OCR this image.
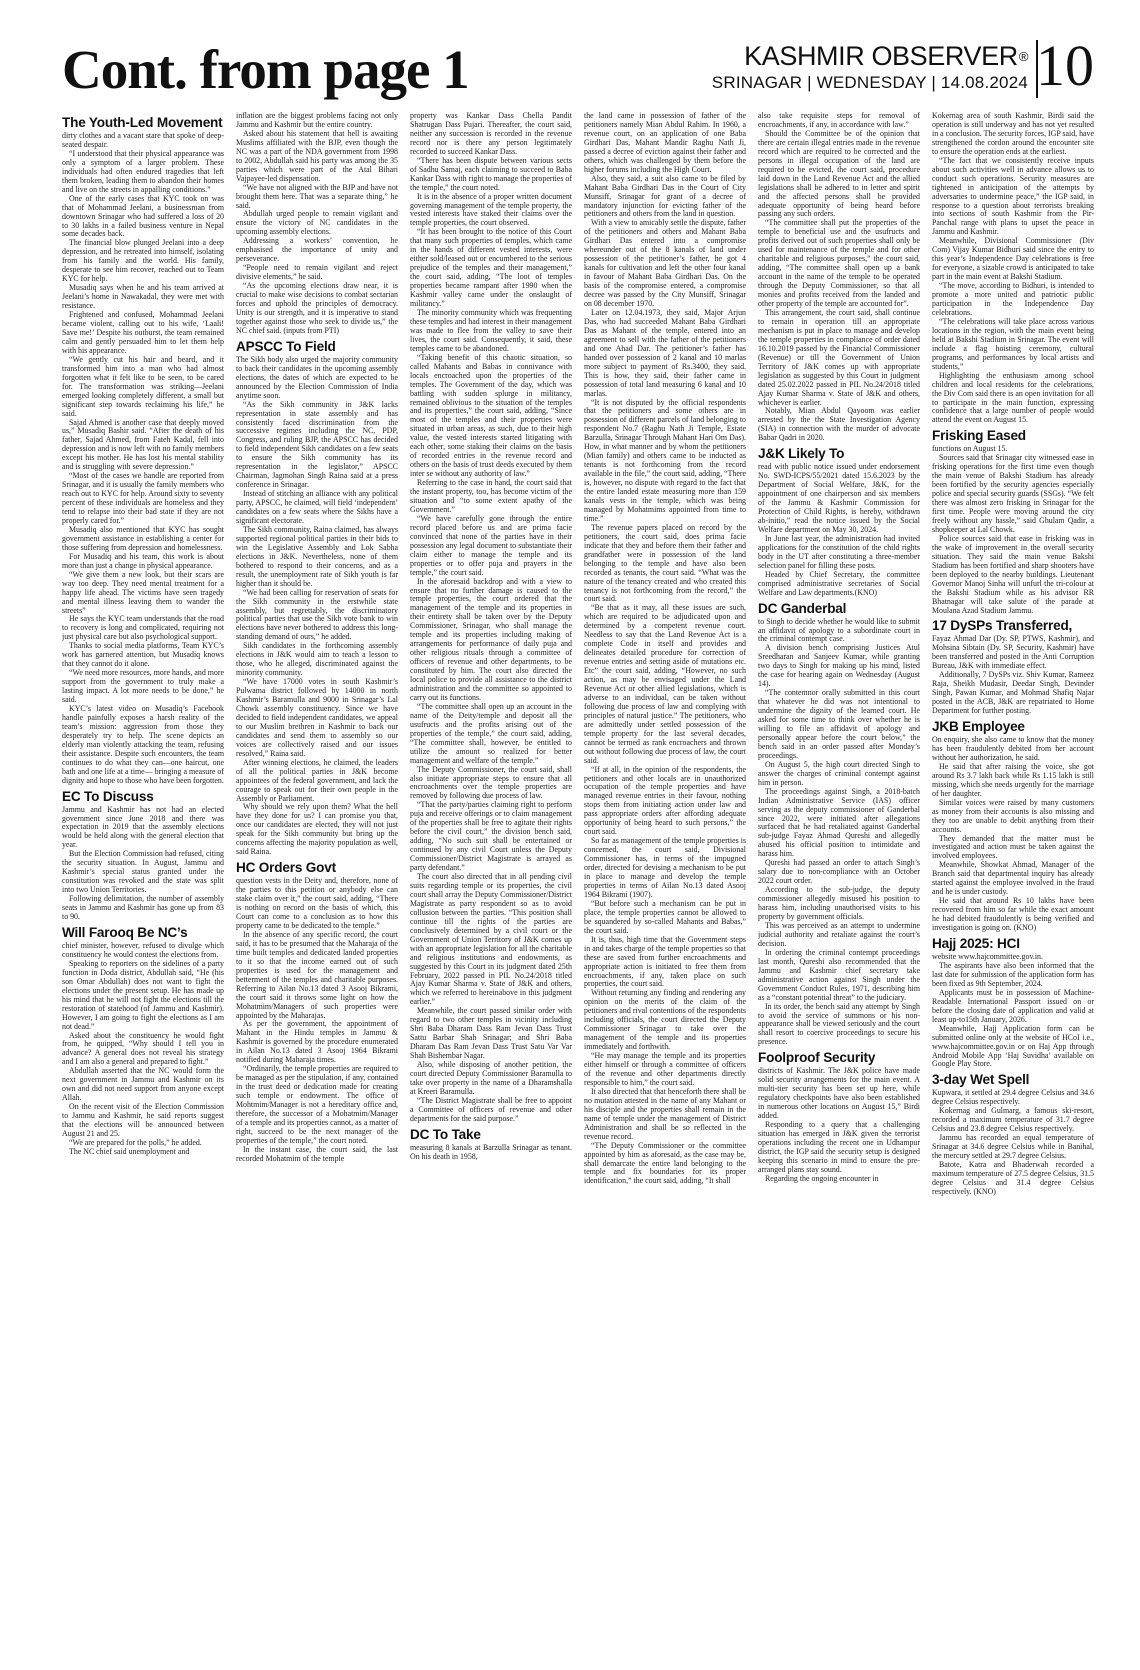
Cont. from page 1	KASHMIR OBSERVER®
SRINAGAR | WEDNESDAY | 14.08.2024 10
The Youth-Led Movement

dirty clothes and a vacant stare that spoke of deep-seated despair.

“I understood that their physical appearance was only a symptom of a larger problem. These individuals had often endured tragedies that left them broken, leading them to abandon their homes and live on the streets in appalling conditions.”

One of the early cases that KYC took on was that of Mohammad Jeelani, a businessman from downtown Srinagar who had suffered a loss of 20 to 30 lakhs in a failed business venture in Nepal some decades back.

The financial blow plunged Jeelani into a deep depression, and he retreated into himself, isolating from his family and the world. His family, desperate to see him recover, reached out to Team KYC for help.

Musadiq says when he and his team arrived at Jeelani’s home in Nawakadal, they were met with resistance.

Frightened and confused, Mohammad Jeelani became violent, calling out to his wife, ‘Laali! Save me!’ Despite his outburst, the team remained calm and gently persuaded him to let them help with his appearance.

“We gently cut his hair and beard, and it transformed him into a man who had almost forgotten what it felt like to be seen, to be cared for. The transformation was striking—Jeelani emerged looking completely different, a small but significant step towards reclaiming his life,” he said.

Sajad Ahmed is another case that deeply moved us,” Musadiq Bashir said. “After the death of his father, Sajad Ahmed, from Fateh Kadal, fell into depression and is now left with no family members except his mother. He has lost his mental stability and is struggling with severe depression.”

“Most of the cases we handle are reported from Srinagar, and it is usually the family members who reach out to KYC for help. Around sixty to seventy percent of these individuals are homeless and they tend to relapse into their bad state if they are not properly cared for.”

Musadiq also mentioned that KYC has sought government assistance in establishing a center for those suffering from depression and homelessness.

For Musadiq and his team, this work is about more than just a change in physical appearance.

“We give them a new look, but their scars are way too deep. They need mental treatment for a happy life ahead. The victims have seen tragedy and mental illness leaving them to wander the streets”

He says the KYC team understands that the road to recovery is long and complicated, requiring not just physical care but also psychological support.

Thanks to social media platforms, Team KYC’s work has garnered attention, but Musadiq knows that they cannot do it alone.

“We need more resources, more hands, and more support from the government to truly make a lasting impact. A lot more needs to be done,” he said.

KYC’s latest video on Musadiq’s Facebook handle painfully exposes a harsh reality of the team’s mission: aggression from those they desperately try to help. The scene depicts an elderly man violently attacking the team, refusing their assistance. Despite such encounters, the team continues to do what they can—one haircut, one bath and one life at a time— bringing a measure of dignity and hope to those who have been forgotten.

EC To Discuss

Jammu and Kashmir has not had an elected government since June 2018 and there was expectation in 2019 that the assembly elections would be held along with the general election that year.

But the Election Commission had refused, citing the security situation. In August, Jammu and Kashmir’s special status granted under the constitution was revoked and the state was split into two Union Territories.

Following delimitation, the number of assembly seats in Jammu and Kashmir has gone up from 83 to 90.

Will Farooq Be NC’s

chief minister, however, refused to divulge which constituency he would contest the elections from.

Speaking to reporters on the sidelines of a party function in Doda district, Abdullah said, “He (his son Omar Abdullah) does not want to fight the elections under the present setup. He has made up his mind that he will not fight the elections till the restoration of statehood (of Jammu and Kashmir). However, I am going to fight the elections as I am not dead.”

Asked about the constituency he would fight from, he quipped, “Why should I tell you in advance? A general does not reveal his strategy and I am also a general and prepared to fight.”

Abdullah asserted that the NC would form the next government in Jammu and Kashmir on its own and did not need support from anyone except Allah.

On the recent visit of the Election Commission to Jammu and Kashmir, he said reports suggest that the elections will be announced between August 21 and 25.

“We are prepared for the polls,” he added.

The NC chief said unemployment and

inflation are the biggest problems facing not only Jammu and Kashmir but the entire country.

Asked about his statement that hell is awaiting Muslims affiliated with the BJP, even though the NC was a part of the NDA government from 1998 to 2002, Abdullah said his party was among the 35 parties which were part of the Atal Bihari Vajpayee-led dispensation.

“We have not aligned with the BJP and have not brought them here. That was a separate thing,” he said.

Abdullah urged people to remain vigilant and ensure the victory of NC candidates in the upcoming assembly elections.

Addressing a workers’ convention, he emphasised the importance of unity and perseverance.

“People need to remain vigilant and reject divisive elements,” he said.

“As the upcoming elections draw near, it is crucial to make wise decisions to combat sectarian forces and uphold the principles of democracy. Unity is our strength, and it is imperative to stand together against those who seek to divide us,” the NC chief said. (inputs from PTI)

APSCC To Field

The Sikh body also urged the majority community to back their candidates in the upcoming assembly elections, the dates of which are expected to be announced by the Election Commission of India anytime soon.

“As the Sikh community in J&K lacks representation in state assembly and has consistently faced discrimination from the successive regimes including the NC, PDP, Congress, and ruling BJP, the APSCC has decided to field independent Sikh candidates on a few seats to ensure the Sikh community has its representation in the legislator,” APSCC Chairman, Jagmohan Singh Raina said at a press conference in Srinagar.

Instead of stitching an alliance with any political party, APSCC, he claimed, will field ‘independent’ candidates on a few seats where the Sikhs have a significant electorate.

The Sikh community, Raina claimed, has always supported regional political parties in their bids to win the Legislative Assembly and Lok Sabha elections in J&K. Nevertheless, none of them bothered to respond to their concerns, and as a result, the unemployment rate of Sikh youth is far higher than it should be.

“We had been calling for reservation of seats for the Sikh community in the erstwhile state assembly, but regrettably, the discriminatory political parties that use the Sikh vote bank to win elections have never bothered to address this long-standing demand of ours,” he added.

Sikh candidates in the forthcoming assembly elections in J&K would aim to teach a lesson to those, who he alleged, discriminated against the minority community.

“We have 17000 votes in south Kashmir’s Pulwama district followed by 14000 in north Kashmir’s Baramulla and 9000 in Srinagar’s Lal Chowk assembly constituency. Since we have decided to field independent candidates, we appeal to our Muslim brethren in Kashmir to back our candidates and send them to assembly so our voices are collectively raised and our issues resolved,” Raina said.

After winning elections, he claimed, the leaders of all the political parties in J&K become appointees of the federal government, and lack the courage to speak out for their own people in the Assembly or Parliament.

Why should we rely upon them? What the hell have they done for us? I can promise you that, once our candidates are elected, they will not just speak for the Sikh community but bring up the concerns affecting the majority population as well, said Raina.

HC Orders Govt

question vests in the Deity and, therefore, none of the parties to this petition or anybody else can stake claim over it,” the court said, adding, “There is nothing on record on the basis of which, this Court can come to a conclusion as to how this property came to be dedicated to the temple.”

In the absence of any specific record, the court said, it has to be presumed that the Maharaja of the time built temples and dedicated landed properties to it so that the income earned out of such properties is used for the management and betterment of the temples and charitable purposes. Referring to Ailan No.13 dated 3 Asooj Bikrami, the court said it throws some light on how the Mohatmim/Managers of such properties were appointed by the Maharajas.

As per the government, the appointment of Mahant in the Hindu temples in Jammu & Kashmir is governed by the procedure enumerated in Ailan No.13 dated 3 Asooj 1964 Bikrami notified during Maharaja times.

“Ordinarily, the temple properties are required to be managed as per the stipulation, if any, contained in the trust deed or dedication made for creating such temple or endowment. The office of Mohtmim/Manager is not a hereditary office and, therefore, the successor of a Mohatmim/Manager of a temple and its properties cannot, as a matter of right, succeed to be the next manager of the properties of the temple,” the court noted.

In the instant case, the court said, the last recorded Mohatmim of the temple

property was Kankar Dass Chella Pandit Shatrugan Dass Pujari. Thereafter, the court said, neither any succession is recorded in the revenue record nor is there any person legitimately recorded to succeed Kankar Dass.

“There has been dispute between various sects of Sadhu Samaj, each claiming to succeed to Baba Kankar Dass with right to manage the properties of the temple,” the court noted.

It is in the absence of a proper written document governing management of the temple property, the vested interests have staked their claims over the temple properties, the court observed.

“It has been brought to the notice of this Court that many such properties of temples, which came in the hands of different vested interests, were either sold/leased out or encumbered to the serious prejudice of the temples and their management,” the court said, adding, “The loot of temples properties became rampant after 1990 when the Kashmir valley came under the onslaught of militancy.”

The minority community which was frequenting these temples and had interest in their management was made to flee from the valley to save their lives, the court said. Consequently, it said, these temples came to be abandoned.

“Taking benefit of this chaotic situation, so called Mahants and Babas in connivance with locals encroached upon the properties of the temples. The Government of the day, which was battling with sudden splurge in militancy, remained oblivious to the situation of the temples and its properties,” the court said, adding, “Since most of the temples and their properties were situated in urban areas, as such, due to their high value, the vested interests started litigating with each other, some staking their claims on the basis of recorded entries in the revenue record and others on the basis of trust deeds executed by them inter se without any authority of law.”

Referring to the case in hand, the court said that the instant property, too, has become victim of the situation and “to some extent apathy of the Government.”

“We have carefully gone through the entire record placed before us and are prima facie convinced that none of the parties have in their possession any legal document to substantiate their claim either to manage the temple and its properties or to offer puja and prayers in the temple,” the court said.

In the aforesaid backdrop and with a view to ensure that no further damage is caused to the temple properties, the court ordered that the management of the temple and its properties in their entirety shall be taken over by the Deputy Commissioner, Srinagar, who shall manage the temple and its properties including making of arrangements for performance of daily puja and other religious rituals through a committee of officers of revenue and other departments, to be constituted by him. The court also directed the local police to provide all assistance to the district administration and the committee so appointed to carry out its functions.

“The committee shall open up an account in the name of the Deity/temple and deposit all the usufructs and the profits arising out of the properties of the temple,” the court said, adding, “The committee shall, however, be entitled to utilize the amount so realized for better management and welfare of the temple.”

The Deputy Commissioner, the court said, shall also initiate appropriate steps to ensure that all encroachments over the temple properties are removed by following due process of law.

“That the party/parties claiming right to perform puja and receive offerings or to claim management of the properties shall be free to agitate their rights before the civil court,” the division bench said, adding, “No such suit shall be entertained or continued by any civil Court unless the Deputy Commissioner/District Magistrate is arrayed as party defendant.”

The court also directed that in all pending civil suits regarding temple or its properties, the civil court shall array the Deputy Commissioner/District Magistrate as party respondent so as to avoid collusion between the parties. “This position shall continue till the rights of the parties are conclusively determined by a civil court or the Government of Union Territory of J&K comes up with an appropriate legislation for all the charitable and religious institutions and endowments, as suggested by this Court in its judgment dated 25th February, 2022 passed in PIL No.24/2018 titled Ajay Kumar Sharma v. State of J&K and others, which we referred to hereinabove in this judgment earlier.”

Meanwhile, the court passed similar order with regard to two other temples in vicinity including Shri Baba Dharam Dass Ram Jevan Dass Trust Sattu Barbar Shah Srinagar; and Shri Baba Dharam Das Ram Jevan Dass Trust Satu Var Var Shah Bishembar Nagar.

Also, while disposing of another petition, the court directed Deputy Commissioner Baramulla to take over property in the name of a Dharamshalla at Kreeri Baramulla.

“The District Magistrate shall be free to appoint a Committee of officers of revenue and other departments for the said purpose.”

DC To Take

measuring 8 kanals at Barzulla Srinagar as tenant. On his death in 1958,

the land came in possession of father of the petitioners namely Mian Abdul Rahim. In 1960, a revenue court, on an application of one Baba Girdhari Das, Mahant Mandir Raghu Nath Ji, passed a decree of eviction against their father and others, which was challenged by them before the higher forums including the High Court.

Also, they said, a suit also came to be filed by Mahant Baba Girdhari Das in the Court of City Munsiff, Srinagar for grant of a decree of mandatory injunction for evicting father of the petitioners and others from the land in question.

With a view to amicably settle the dispute, father of the petitioners and others and Mahant Baba Girdhari Das entered into a compromise whereunder out of the 8 kanals of land under possession of the petitioner’s father, he got 4 kanals for cultivation and left the other four kanal in favour of Mahant Baba Girdhari Das. On the basis of the compromise entered, a compromise decree was passed by the City Munsiff, Srinagar on 08 december 1970.

Later on 12.04.1973, they said, Major Arjun Das, who had succeeded Mahant Baba Girdhari Das as Mahant of the temple, entered into an agreement to sell with the father of the petitioners and one Ahad Dar. The petitioner’s father has handed over possession of 2 kanal and 10 marlas more subject to payment of Rs.3400, they said. This is how, they said, their father came in possession of total land measuring 6 kanal and 10 marlas.

“It is not disputed by the official respondents that the petitioners and some others are in possession of different parcels of land belonging to respondent No.7 (Raghu Nath Ji Temple, Estate Barzulla, Srinagar Through Mahant Hari Om Das). How, in what manner and by whom the petitioners (Mian family) and others came to be inducted as tenants is not forthcoming from the record available in the file,” the court said, adding, “There is, however, no dispute with regard to the fact that the entire landed estate measuring more than 159 kanals vests in the temple, which was being managed by Mohatmims appointed from time to time.”

The revenue papers placed on record by the petitioners, the court said, does prima facie indicate that they and before them their father and grandfather were in possession of the land belonging to the temple and have also been recorded as tenants, the court said. “What was the nature of the tenancy created and who created this tenancy is not forthcoming from the record,” the court said.

“Be that as it may, all these issues are such, which are required to be adjudicated upon and determined by a competent revenue court. Needless to say that the Land Revenue Act is a complete Code in itself and provides and delineates detailed procedure for correction of revenue entries and setting aside of mutations etc. Etc” the court said, adding, “However, no such action, as may be envisaged under the Land Revenue Act or other allied legislations, which is adverse to an individual, can be taken without following due process of law and complying with principles of natural justice.” The petitioners, who are admittedly under settled possession of the temple property for the last several decades, cannot be termed as rank encroachers and thrown out without following due process of law, the court said.

“If at all, in the opinion of the respondents, the petitioners and other locals are in unauthorized occupation of the temple properties and have managed revenue entries in their favour, nothing stops them from initiating action under law and pass appropriate orders after affording adequate opportunity of being heard to such persons,” the court said.

So far as management of the temple properties is concerned, the court said, Divisional Commissioner has, in terms of the impugned order, directed for devising a mechanism to be put in place to manage and develop the temple properties in terms of Ailan No.13 dated Asooj 1964 Bikrami (1907).

“But before such a mechanism can be put in place, the temple properties cannot be allowed to be squandered by so-called Mahants and Babas,” the court said.

It is, thus, high time that the Government steps in and takes charge of the temple properties so that these are saved from further encroachments and appropriate action is initiated to free them from encroachments, if any, taken place on such properties, the court said.

Without returning any finding and rendering any opinion on the merits of the claim of the petitioners and rival contentions of the respondents including officials, the court directed the Deputy Commissioner Srinagar to take over the management of the temple and its properties immediately and forthwith.

“He may manage the temple and its properties either himself or through a committee of officers of the revenue and other departments directly responsible to him,” the court said.

It also directed that that henceforth there shall be no mutation attested in the name of any Mahant or his disciple and the properties shall remain in the name of temple under the management of District Administration and shall be so reflected in the revenue record.

“The Deputy Commissioner or the committee appointed by him as aforesaid, as the case may be, shall demarcate the entire land belonging to the temple and fix boundaries for its proper identification,” the court said, adding, “It shall

also take requisite steps for removal of encroachments, if any, in accordance with law.”

Should the Committee be of the opinion that there are certain illegal entries made in the revenue record which are required to be corrected and the persons in illegal occupation of the land are required to be evicted, the court said, procedure laid down in the Land Revenue Act and the allied legislations shall be adhered to in letter and spirit and the affected persons shall be provided adequate opportunity of being heard before passing any such orders.

“The committee shall put the properties of the temple to beneficial use and the usufructs and profits derived out of such properties shall only be used for maintenance of the temple and for other charitable and religious purposes,” the court said, adding, “The committee shall open up a bank account in the name of the temple to be operated through the Deputy Commissioner, so that all monies and profits received from the landed and other property of the temple are accounted for”.

This arrangement, the court said, shall continue to remain in operation till an appropriate mechanism is put in place to manage and develop the temple properties in compliance of order dated 16.10.2019 passed by the Financial Commissioner (Revenue) or till the Government of Union Territory of J&K comes up with appropriate legislation as suggested by this Court in judgment dated 25.02.2022 passed in PIL No.24/2018 titled Ajay Kumar Sharma v. State of J&K and others, whichever is earlier.

Notably, Mian Abdul Qayoom was earlier arrested by the the State Investigation Agency (SIA) in connection with the murder of advocate Babar Qadri in 2020.

J&K Likely To

read with public notice issued under endorsement No. SWD-ICPS/55/2021 dated 15.6.2023 by the Department of Social Welfare, J&K, for the appointment of one chairperson and six members of the Jammu & Kashmir Commission for Protection of Child Rights, is hereby, withdrawn ab-initio,” read the notice issued by the Social Welfare department on May 30, 2024.

In June last year, the administration had invited applications for the constitution of the child rights body in the UT after constituting a three-member selection panel for filling these posts.

Headed by Chief Secretary, the committee comprised administrative secretaries of Social Welfare and Law departments.(KNO)

DC Ganderbal

to Singh to decide whether he would like to submit an affidavit of apology to a subordinate court in the criminal contempt case.

A division bench comprising Justices Atul Sreedharan and Sanjeev Kumar, while granting two days to Singh for making up his mind, listed the case for hearing again on Wednesday (August 14).

“The contemnor orally submitted in this court that whatever he did was not intentional to undermine the dignity of the learned court. He asked for some time to think over whether he is willing to file an affidavit of apology and personally appear before the court below,” the bench said in an order passed after Monday’s proceedings.

On August 5, the high court directed Singh to answer the charges of criminal contempt against him in person.

The proceedings against Singh, a 2018-batch Indian Administrative Service (IAS) officer serving as the deputy commissioner of Ganderbal since 2022, were initiated after allegations surfaced that he had retaliated against Ganderbal sub-judge Fayaz Ahmad Qureshi and allegedly abused his official position to intimidate and harass him.

Qureshi had passed an order to attach Singh’s salary due to non-compliance with an October 2022 court order.

According to the sub-judge, the deputy commissioner allegedly misused his position to harass him, including unauthorised visits to his property by government officials.

This was perceived as an attempt to undermine judicial authority and retaliate against the court’s decision.

In ordering the criminal contempt proceedings last month, Qureshi also recommended that the Jammu and Kashmir chief secretary take administrative action against Singh under the Government Conduct Rules, 1971, describing him as a “constant potential threat” to the judiciary.

In its order, the bench said any attempt by Singh to avoid the service of summons or his non-appearance shall be viewed seriously and the court shall resort to coercive proceedings to secure his presence.

Foolproof Security

districts of Kashmir. The J&K police have made solid security arrangements for the main event. A multi-tier security has been set up here, while regulatory checkpoints have also been established in numerous other locations on August 15,” Birdi added.

Responding to a query that a challenging situation has emerged in J&K given the terrorist operations including the recent one in Udhampur district, the IGP said the security setup is designed keeping this scenario in mind to ensure the pre-arranged plans stay sound.

Regarding the ongoing encounter in

Kokernag area of south Kashmir, Birdi said the operation is still underway and has not yet resulted in a conclusion. The security forces, IGP said, have strengthened the cordon around the encounter site to ensure the operation ends at the earliest.

“The fact that we consistently receive inputs about such activities well in advance allows us to conduct such operations. Security measures are tightened in anticipation of the attempts by adversaries to undermine peace,” the IGP said, in response to a question about terrorists breaking into sections of south Kashmir from the Pir-Panchal range with plans to upset the peace in Jammu and Kashmir.

Meanwhile, Divisional Commissioner (Div Com) Vijay Kumar Bidhuri said since the entry to this year’s Independence Day celebrations is free for everyone, a sizable crowd is anticipated to take part in the main event at Bakshi Stadium.

“The move, according to Bidhuri, is intended to promote a more united and patriotic public participation in the Independence Day celebrations.

“The celebrations will take place across various locations in the region, with the main event being held at Bakshi Stadium in Srinagar. The event will include a flag hoisting ceremony, cultural programs, and performances by local artists and students,”

Highlighting the enthusiasm among school children and local residents for the celebrations, the Div Com said there is an open invitation for all to participate in the main function, expressing confidence that a large number of people would attend the event on August 15.

Frisking Eased

functions on August 15.

Sources said that Srinagar city witnessed ease in frisking operations for the first time even though the main venue of Bakshi Stadium has already been fortified by the security agencies especially police and special security guards (SSGs). “We felt there was almost zero frisking in Srinagar for the first time. People were moving around the city freely without any hassle,” said Ghulam Qadir, a shopkeeper at Lal Chowk.

Police sources said that ease in frisking was in the wake of improvement in the overall security situation. They said the main venue Bakshi Stadium has been fortified and sharp shooters have been deployed to the nearby buildings. Lieutenant Governor Manoj Sinha will unfurl the tri-colour at the Bakshi Stadium while as his advisor RR Bhatnagar will take salute of the parade at Moulana Azad Stadium Jammu.

17 DySPs Transferred,

Fayaz Ahmad Dar (Dy. SP, PTWS, Kashmir), and Mohsina Sibtain (Dy. SP, Security, Kashmir) have been transferred and posted in the Anti Corruption Bureau, J&K with immediate effect.

Additionally, 7 DySPs viz. Shiv Kumar, Rameez Raja, Sheikh Mudasir, Deedar Singh, Devinder Singh, Pawan Kumar, and Mohmad Shafiq Najar posted in the ACB, J&K are repatriated to Home Department for further posting.

JKB Employee

On enquiry, she also came to know that the money has been fraudulently debited from her account without her authorization, he said.

He said that after raising the voice, she got around Rs 3.7 lakh back while Rs 1.15 lakh is still missing, which she needs urgently for the marriage of her daughter.

Similar voices were raised by many customers as money from their accounts is also missing and they too are unable to debit anything from their accounts.

They demanded that the matter must be investigated and action must be taken against the involved employees.

Meanwhile, Showkat Ahmad, Manager of the Branch said that departmental inquiry has already started against the employee involved in the fraud and he is under custody.

He said that around Rs 10 lakhs have been recovered from him so far while the exact amount he had debited fraudulently is being verified and investigation is going on. (KNO)

Hajj 2025: HCI

website www.hajcommittee.gov.in.

The aspirants have also been informed that the last date for submission of the application form has been fixed as 9th September, 2024.

Applicants must be in possession of Machine-Readable International Passport issued on or before the closing date of application and valid at least up-to15th January, 2026.

Meanwhile, Hajj Application form can be submitted online only at the website of HCoI i.e., www.hajcommittee.gov.in or on Haj App through Android Mobile App ‘Haj Suvidha’ available on Google Play Store.

3-day Wet Spell

Kupwara, it settled at 29.4 degree Celsius and 34.6 degree Celsius respectively.

Kokernag and Gulmarg, a famous ski-resort, recorded a maximum temperature of 31.7 degree Celsius and 23.8 degree Celsius respectively.

Jammu has recorded an equal temperature of Srinagar at 34.6 degree Celsius while in Banihal, the mercury settled at 29.7 degree Celsius.

Batote, Katra and Bhaderwah recorded a maximum temperature of 27.5 degree Celsius, 31.5 degree Celsius and 31.4 degree Celsius respectively. (KNO)
